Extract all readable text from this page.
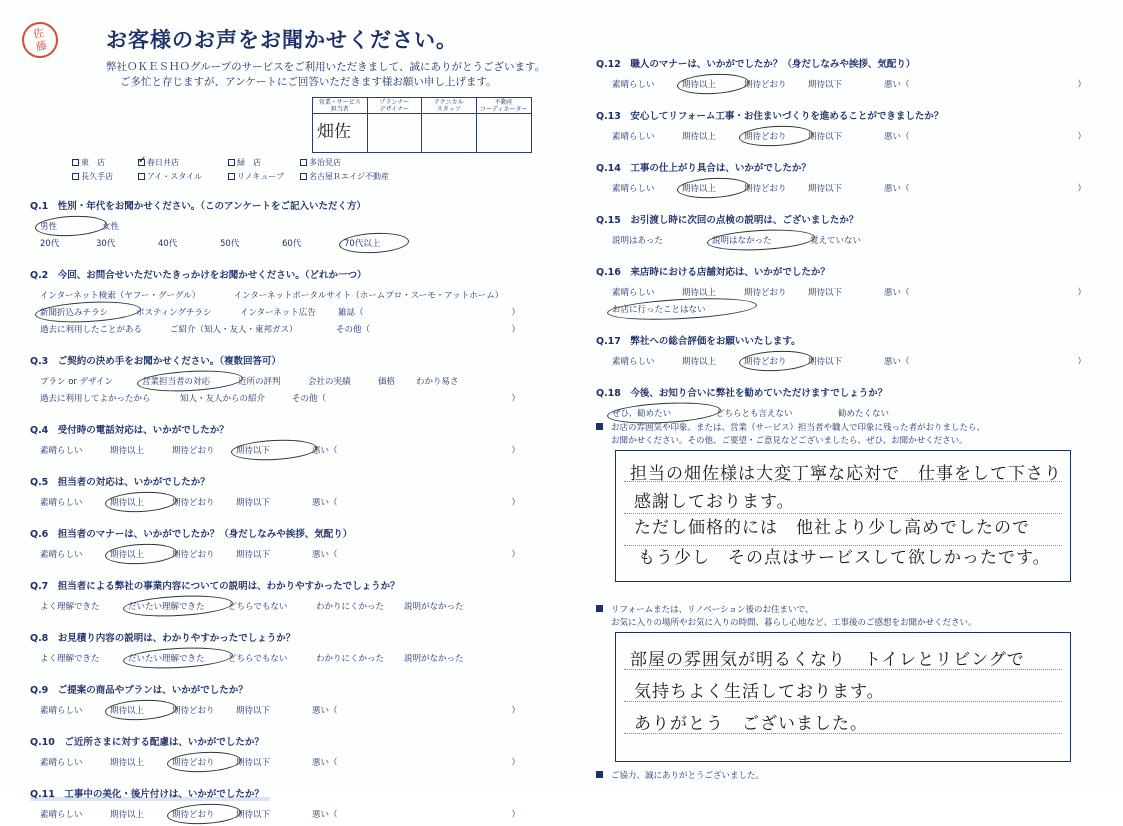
佐
藤	お客様のお声をお聞かせください。
弊社ＯＫＥＳＨＯグループのサービスをご利用いただきまして、誠にありがとうございます。
ご多忙と存じますが、アンケートにご回答いただきます様お願い申し上げます。
営業・サービス
担当者
プランナー
デザイナー
テクニカル
スタッフ
不動産
コーディネーター
畑佐
東　店
✓	春日井店	緑　店	多治見店
長久手店	アイ・スタイル	リノキューブ	名古屋Ｒエイジ不動産
Q.1　性別・年代をお聞かせください。（このアンケートをご記入いただく方）
男性	女性
20代	30代	40代	50代	60代	70代以上
Q.2　今回、お問合せいただいたきっかけをお聞かせください。（どれか一つ）
インターネット検索（ヤフー・グーグル）	インターネットポータルサイト（ホームプロ・スーモ・アットホーム）
新聞折込みチラシ	ポスティングチラシ	インターネット広告	雑誌（	）
過去に利用したことがある	ご紹介（知人・友人・東邦ガス）	その他（	）
Q.3　ご契約の決め手をお聞かせください。（複数回答可）
プラン or デザイン	営業担当者の対応	近所の評判	会社の実績	価格	わかり易さ
過去に利用してよかったから	知人・友人からの紹介	その他（	）
Q.4　受付時の電話対応は、いかがでしたか？
素晴らしい	期待以上	期待どおり	期待以下	悪い（	）
Q.5　担当者の対応は、いかがでしたか？
素晴らしい	期待以上	期待どおり	期待以下	悪い（	）
Q.6　担当者のマナーは、いかがでしたか？（身だしなみや挨拶、気配り）
素晴らしい	期待以上	期待どおり	期待以下	悪い（	）
Q.7　担当者による弊社の事業内容についての説明は、わかりやすかったでしょうか？
よく理解できた	だいたい理解できた	どちらでもない	わかりにくかった	説明がなかった
Q.8　お見積り内容の説明は、わかりやすかったでしょうか？
よく理解できた	だいたい理解できた	どちらでもない	わかりにくかった	説明がなかった
Q.9　ご提案の商品やプランは、いかがでしたか？
素晴らしい	期待以上	期待どおり	期待以下	悪い（	）
Q.10　ご近所さまに対する配慮は、いかがでしたか？
素晴らしい	期待以上	期待どおり	期待以下	悪い（	）
Q.11　工事中の美化・後片付けは、いかがでしたか？
素晴らしい	期待以上	期待どおり	期待以下	悪い（	）
Q.12　職人のマナーは、いかがでしたか？（身だしなみや挨拶、気配り）
素晴らしい	期待以上	期待どおり	期待以下	悪い（	）
Q.13　安心してリフォーム工事・お住まいづくりを進めることができましたか？
素晴らしい	期待以上	期待どおり	期待以下	悪い（	）
Q.14　工事の仕上がり具合は、いかがでしたか？
素晴らしい	期待以上	期待どおり	期待以下	悪い（	）
Q.15　お引渡し時に次回の点検の説明は、ございましたか？
説明はあった	説明はなかった	覚えていない
Q.16　来店時における店舗対応は、いかがでしたか？
素晴らしい	期待以上	期待どおり	期待以下	悪い（	）
お店に行ったことはない
Q.17　弊社への総合評価をお願いいたします。
素晴らしい	期待以上	期待どおり	期待以下	悪い（	）
Q.18　今後、お知り合いに弊社を勧めていただけますでしょうか？
ぜひ、勧めたい	どちらとも言えない	勧めたくない
お店の雰囲気や印象。または、営業（サービス）担当者や職人で印象に残った者がおりましたら、
お聞かせください。その他、ご要望・ご意見などございましたら、ぜひ、お聞かせください。
担当の畑佐様は大変丁寧な応対で　仕事をして下さり
感謝しております。
ただし価格的には　他社より少し高めでしたので
もう少し　その点はサービスして欲しかったです。
リフォームまたは、リノベーション後のお住まいで、
お気に入りの場所やお気に入りの時間、暮らし心地など、工事後のご感想をお聞かせください。
部屋の雰囲気が明るくなり　トイレとリビングで
気持ちよく生活しております。
ありがとう　ございました。
ご協力、誠にありがとうございました。
